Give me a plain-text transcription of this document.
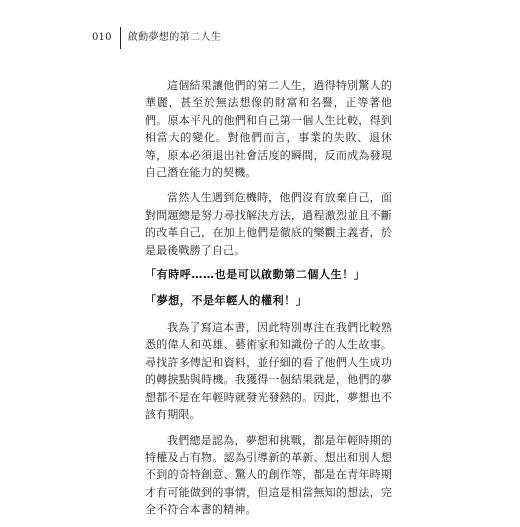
010 啟動夢想的第二人生

這個結果讓他們的第二人生，過得特別驚人的華麗，甚至於無法想像的財富和名譽，正等著他們。原本平凡的他們和自己第一個人生比較，得到相當大的變化。對他們而言，事業的失敗、退休等，原本必須退出社會活度的瞬間，反而成為發現自己潛在能力的契機。

當然人生遇到危機時，他們沒有放棄自己，面對問題總是努力尋找解決方法，過程激烈並且不斷的改革自己，在加上他們是徹底的樂觀主義者，於是最後戰勝了自己。

「有時呼……也是可以啟動第二個人生！」

「夢想，不是年輕人的權利！」

我為了寫這本書，因此特別專注在我們比較熟悉的偉人和英雄、藝術家和知識份子的人生故事。尋找許多傳記和資料，並仔細的看了他們人生成功的轉捩點與時機。我獲得一個結果就是，他們的夢想都不是在年輕時就發光發熱的。因此，夢想也不該有期限。

我們總是認為，夢想和挑戰，都是年輕時期的特權及占有物。認為引導新的革新、想出和別人想不到的奇特創意、驚人的創作等，都是在青年時期才有可能做到的事情，但這是相當無知的想法，完全不符合本書的精神。
